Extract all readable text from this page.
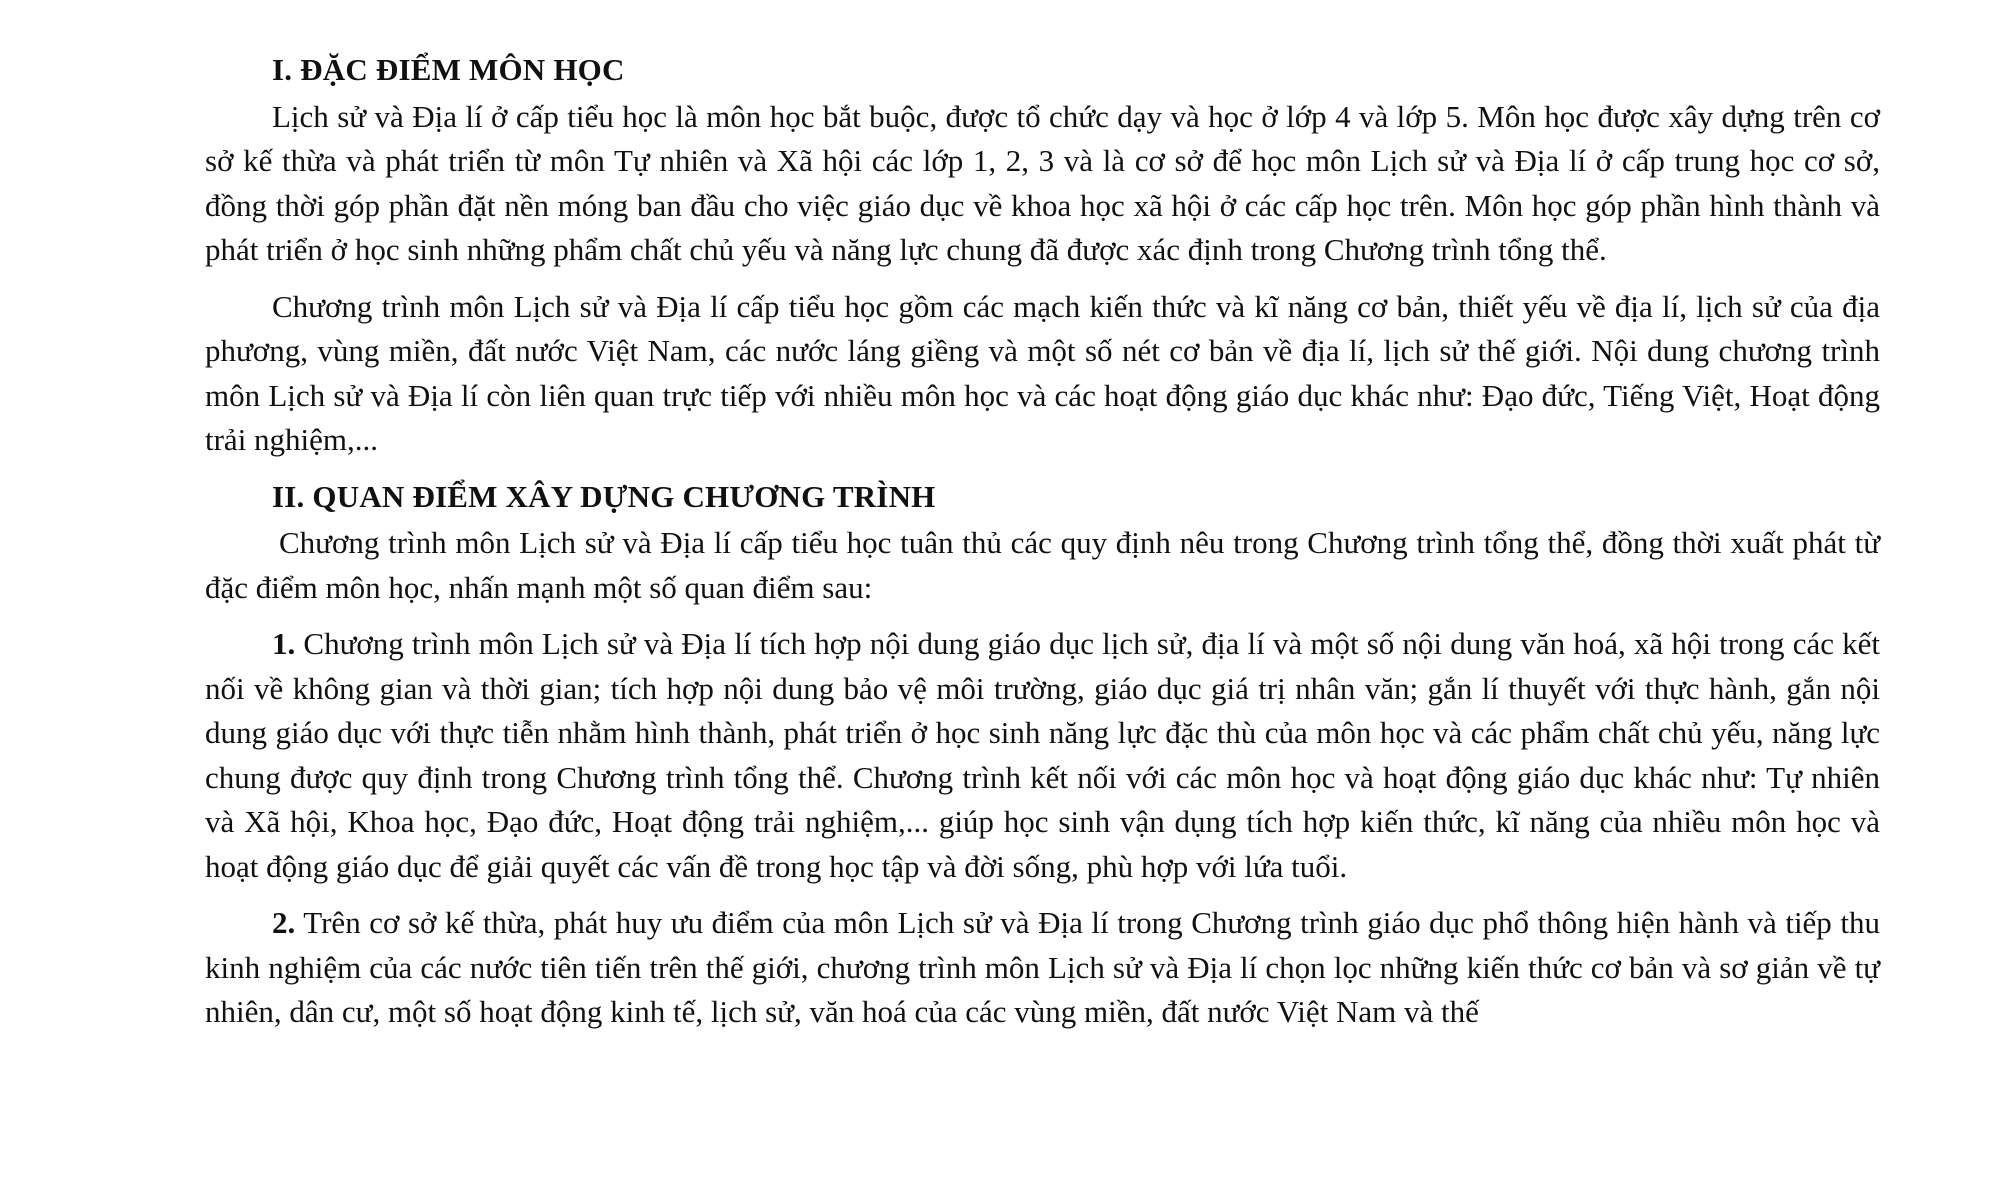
I. ĐẶC ĐIỂM MÔN HỌC

Lịch sử và Địa lí ở cấp tiểu học là môn học bắt buộc, được tổ chức dạy và học ở lớp 4 và lớp 5. Môn học được xây dựng trên cơ sở kế thừa và phát triển từ môn Tự nhiên và Xã hội các lớp 1, 2, 3 và là cơ sở để học môn Lịch sử và Địa lí ở cấp trung học cơ sở, đồng thời góp phần đặt nền móng ban đầu cho việc giáo dục về khoa học xã hội ở các cấp học trên. Môn học góp phần hình thành và phát triển ở học sinh những phẩm chất chủ yếu và năng lực chung đã được xác định trong Chương trình tổng thể.

Chương trình môn Lịch sử và Địa lí cấp tiểu học gồm các mạch kiến thức và kĩ năng cơ bản, thiết yếu về địa lí, lịch sử của địa phương, vùng miền, đất nước Việt Nam, các nước láng giềng và một số nét cơ bản về địa lí, lịch sử thế giới. Nội dung chương trình môn Lịch sử và Địa lí còn liên quan trực tiếp với nhiều môn học và các hoạt động giáo dục khác như: Đạo đức, Tiếng Việt, Hoạt động trải nghiệm,...

II. QUAN ĐIỂM XÂY DỰNG CHƯƠNG TRÌNH

Chương trình môn Lịch sử và Địa lí cấp tiểu học tuân thủ các quy định nêu trong Chương trình tổng thể, đồng thời xuất phát từ đặc điểm môn học, nhấn mạnh một số quan điểm sau:

1. Chương trình môn Lịch sử và Địa lí tích hợp nội dung giáo dục lịch sử, địa lí và một số nội dung văn hoá, xã hội trong các kết nối về không gian và thời gian; tích hợp nội dung bảo vệ môi trường, giáo dục giá trị nhân văn; gắn lí thuyết với thực hành, gắn nội dung giáo dục với thực tiễn nhằm hình thành, phát triển ở học sinh năng lực đặc thù của môn học và các phẩm chất chủ yếu, năng lực chung được quy định trong Chương trình tổng thể. Chương trình kết nối với các môn học và hoạt động giáo dục khác như: Tự nhiên và Xã hội, Khoa học, Đạo đức, Hoạt động trải nghiệm,... giúp học sinh vận dụng tích hợp kiến thức, kĩ năng của nhiều môn học và hoạt động giáo dục để giải quyết các vấn đề trong học tập và đời sống, phù hợp với lứa tuổi.

2. Trên cơ sở kế thừa, phát huy ưu điểm của môn Lịch sử và Địa lí trong Chương trình giáo dục phổ thông hiện hành và tiếp thu kinh nghiệm của các nước tiên tiến trên thế giới, chương trình môn Lịch sử và Địa lí chọn lọc những kiến thức cơ bản và sơ giản về tự nhiên, dân cư, một số hoạt động kinh tế, lịch sử, văn hoá của các vùng miền, đất nước Việt Nam và thế
